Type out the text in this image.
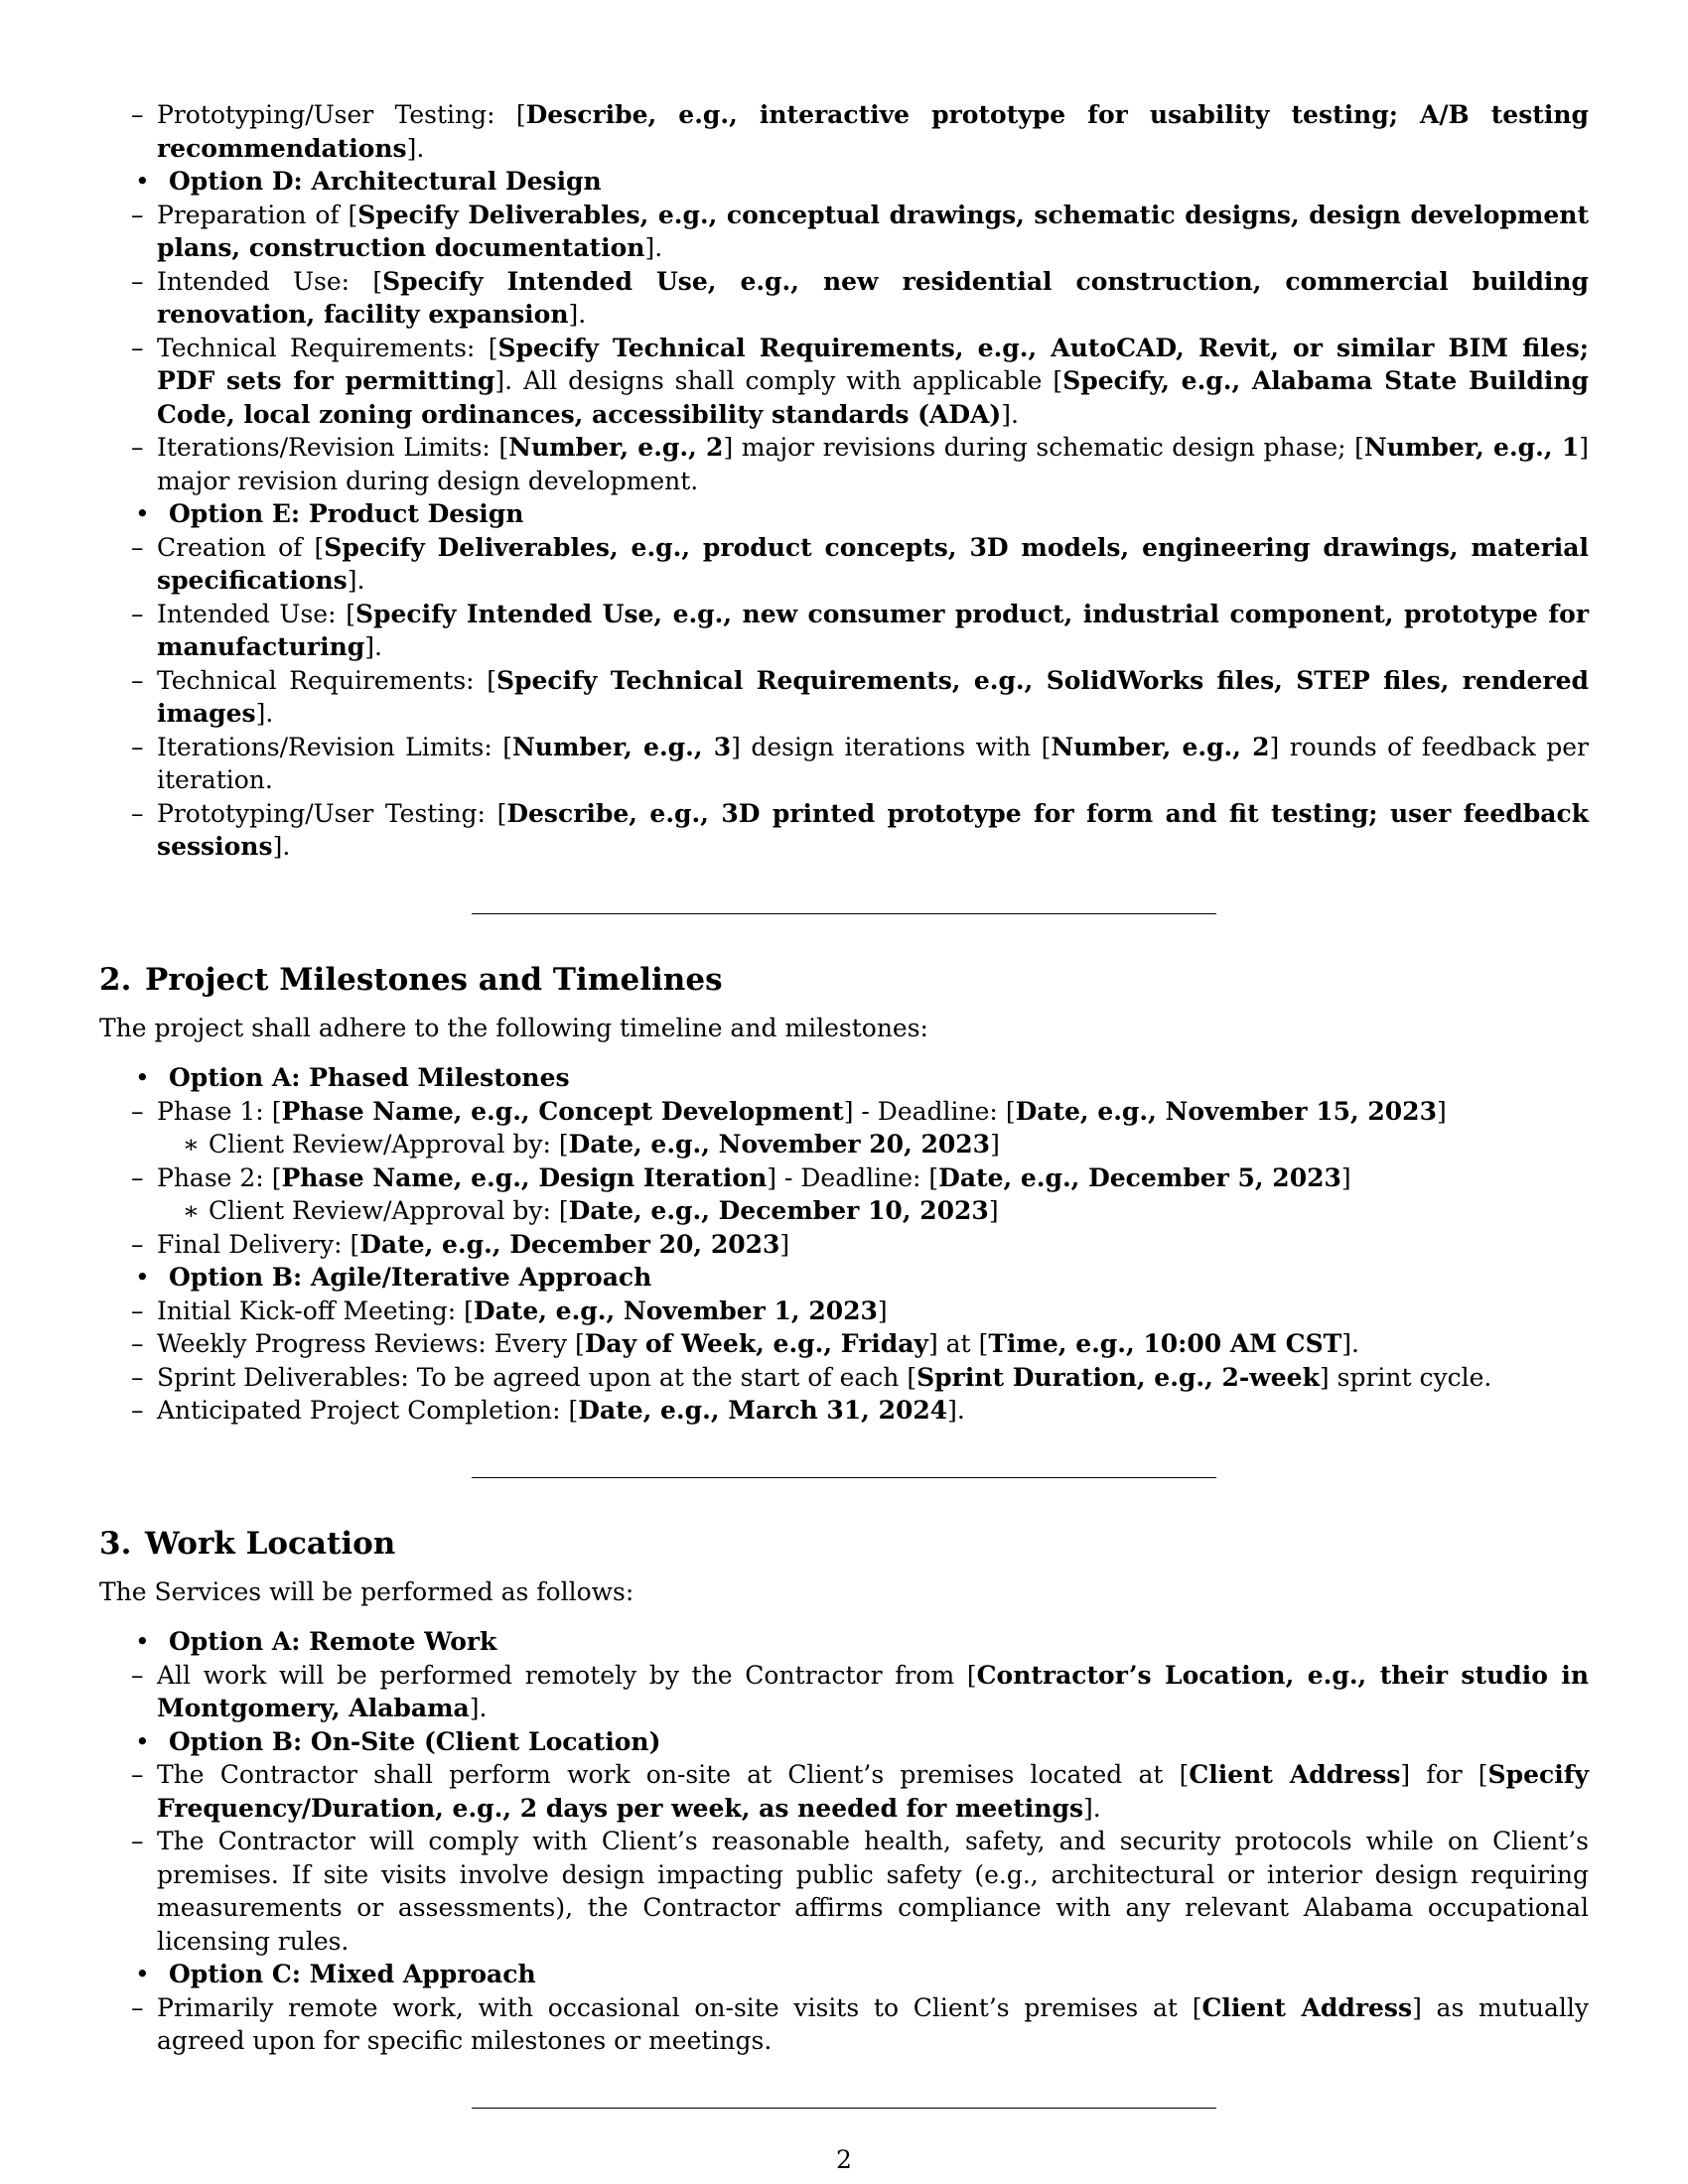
– Prototyping/User Testing: [Describe, e.g., interactive prototype for usability testing; A/B testing recommendations].
• Option D: Architectural Design
– Preparation of [Specify Deliverables, e.g., conceptual drawings, schematic designs, design development plans, construction documentation].
– Intended Use: [Specify Intended Use, e.g., new residential construction, commercial building renovation, facility expansion].
– Technical Requirements: [Specify Technical Requirements, e.g., AutoCAD, Revit, or similar BIM files; PDF sets for permitting]. All designs shall comply with applicable [Specify, e.g., Alabama State Building Code, local zoning ordinances, accessibility standards (ADA)].
– Iterations/Revision Limits: [Number, e.g., 2] major revisions during schematic design phase; [Number, e.g., 1] major revision during design development.
• Option E: Product Design
– Creation of [Specify Deliverables, e.g., product concepts, 3D models, engineering drawings, material specifications].
– Intended Use: [Specify Intended Use, e.g., new consumer product, industrial component, prototype for manufacturing].
– Technical Requirements: [Specify Technical Requirements, e.g., SolidWorks files, STEP files, rendered images].
– Iterations/Revision Limits: [Number, e.g., 3] design iterations with [Number, e.g., 2] rounds of feedback per iteration.
– Prototyping/User Testing: [Describe, e.g., 3D printed prototype for form and fit testing; user feedback sessions].
2. Project Milestones and Timelines

The project shall adhere to the following timeline and milestones:

• Option A: Phased Milestones
– Phase 1: [Phase Name, e.g., Concept Development] - Deadline: [Date, e.g., November 15, 2023]
∗ Client Review/Approval by: [Date, e.g., November 20, 2023]
– Phase 2: [Phase Name, e.g., Design Iteration] - Deadline: [Date, e.g., December 5, 2023]
∗ Client Review/Approval by: [Date, e.g., December 10, 2023]
– Final Delivery: [Date, e.g., December 20, 2023]
• Option B: Agile/Iterative Approach
– Initial Kick-off Meeting: [Date, e.g., November 1, 2023]
– Weekly Progress Reviews: Every [Day of Week, e.g., Friday] at [Time, e.g., 10:00 AM CST].
– Sprint Deliverables: To be agreed upon at the start of each [Sprint Duration, e.g., 2-week] sprint cycle.
– Anticipated Project Completion: [Date, e.g., March 31, 2024].
3. Work Location

The Services will be performed as follows:

• Option A: Remote Work
– All work will be performed remotely by the Contractor from [Contractor’s Location, e.g., their studio in Montgomery, Alabama].
• Option B: On-Site (Client Location)
– The Contractor shall perform work on-site at Client’s premises located at [Client Address] for [Specify Frequency/Duration, e.g., 2 days per week, as needed for meetings].
– The Contractor will comply with Client’s reasonable health, safety, and security protocols while on Client’s premises. If site visits involve design impacting public safety (e.g., architectural or interior design requiring measurements or assessments), the Contractor affirms compliance with any relevant Alabama occupational licensing rules.
• Option C: Mixed Approach
– Primarily remote work, with occasional on-site visits to Client’s premises at [Client Address] as mutually agreed upon for specific milestones or meetings.
2
